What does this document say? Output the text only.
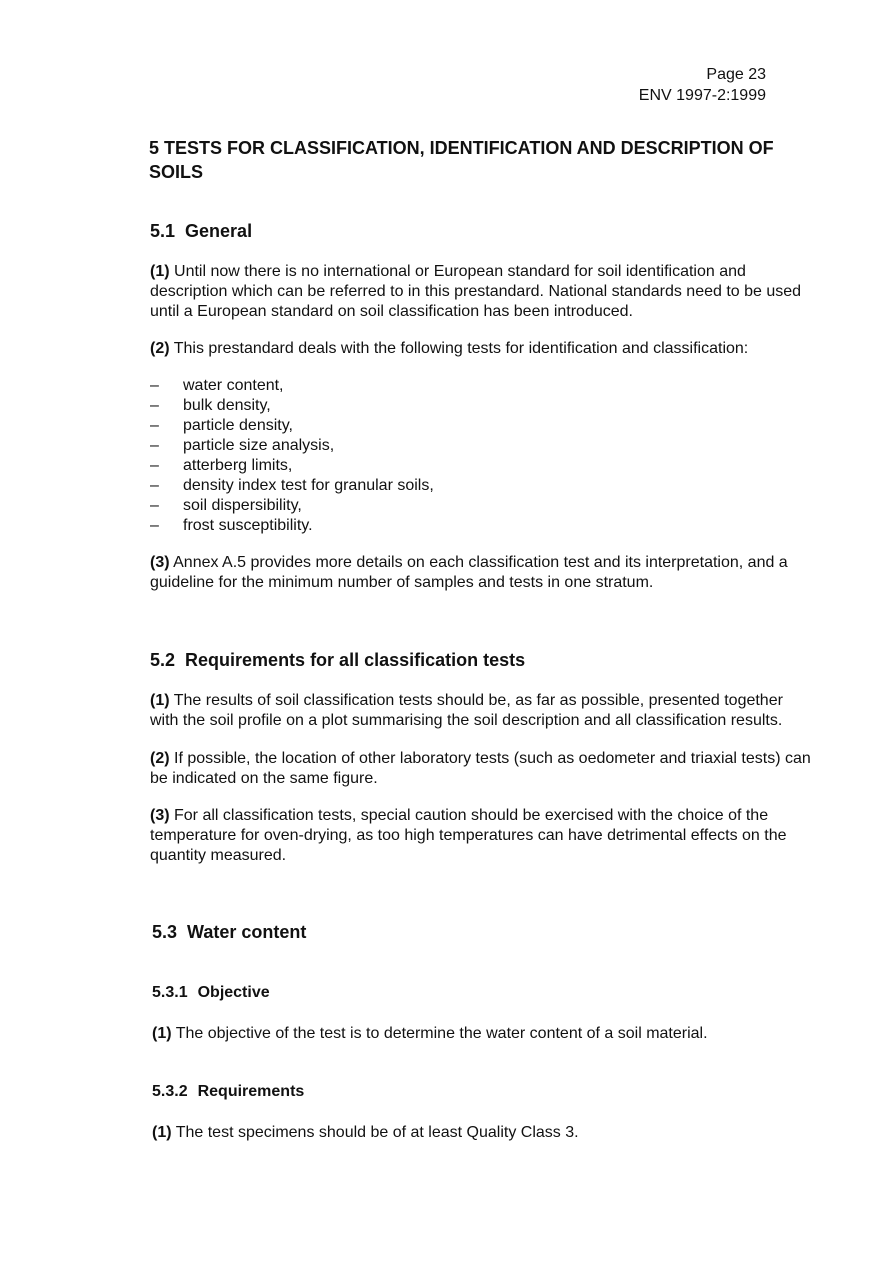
Page 23
ENV 1997-2:1999
5 TESTS FOR CLASSIFICATION, IDENTIFICATION AND DESCRIPTION OF SOILS
5.1 General

(1) Until now there is no international or European standard for soil identification and description which can be referred to in this prestandard. National standards need to be used until a European standard on soil classification has been introduced.

(2) This prestandard deals with the following tests for identification and classification:

–	water content,
–	bulk density,
–	particle density,
–	particle size analysis,
–	atterberg limits,
–	density index test for granular soils,
–	soil dispersibility,
–	frost susceptibility.

(3) Annex A.5 provides more details on each classification test and its interpretation, and a guideline for the minimum number of samples and tests in one stratum.

5.2 Requirements for all classification tests

(1) The results of soil classification tests should be, as far as possible, presented together with the soil profile on a plot summarising the soil description and all classification results.

(2) If possible, the location of other laboratory tests (such as oedometer and triaxial tests) can be indicated on the same figure.

(3) For all classification tests, special caution should be exercised with the choice of the temperature for oven-drying, as too high temperatures can have detrimental effects on the quantity measured.

5.3 Water content
5.3.1 Objective

(1) The objective of the test is to determine the water content of a soil material.

5.3.2 Requirements

(1) The test specimens should be of at least Quality Class 3.
